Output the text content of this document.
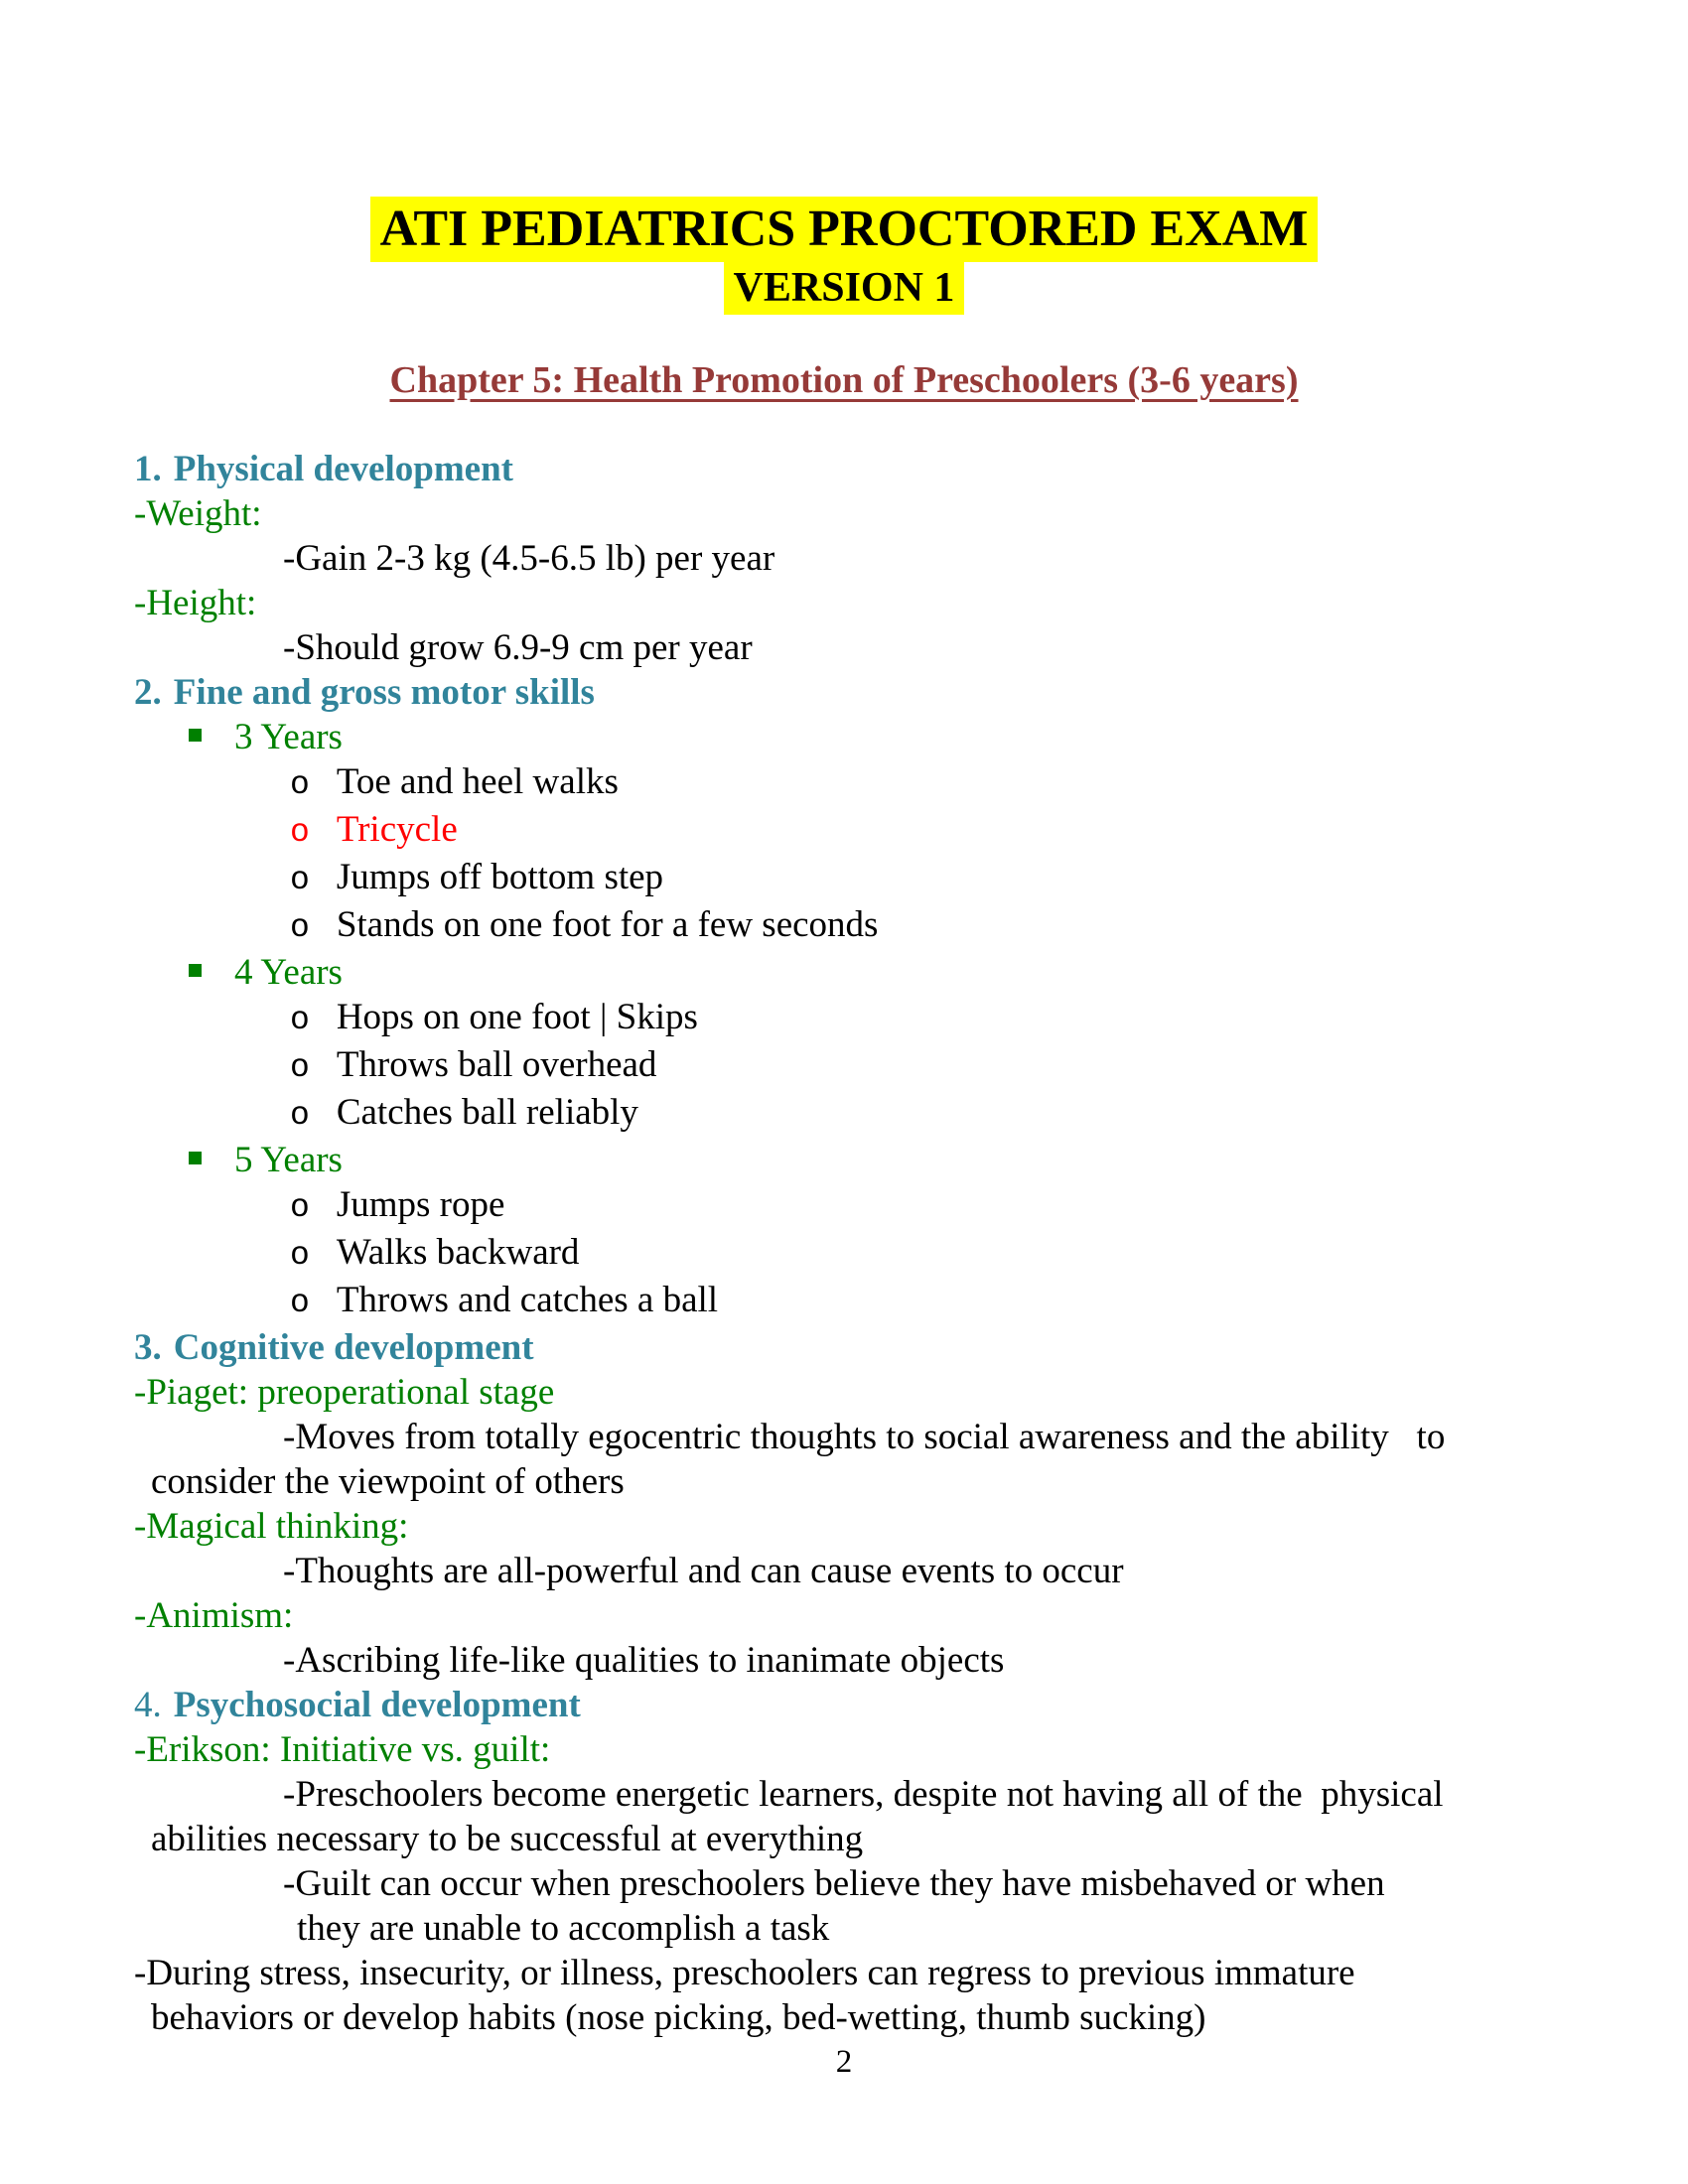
ATI PEDIATRICS PROCTORED EXAM
VERSION 1
Chapter 5: Health Promotion of Preschoolers (3-6 years)
1. Physical development
-Weight:
-Gain 2-3 kg (4.5-6.5 lb) per year
-Height:
-Should grow 6.9-9 cm per year
2. Fine and gross motor skills
3 Years
o Toe and heel walks
o Tricycle
o Jumps off bottom step
o Stands on one foot for a few seconds
4 Years
o Hops on one foot | Skips
o Throws ball overhead
o Catches ball reliably
5 Years
o Jumps rope
o Walks backward
o Throws and catches a ball
3. Cognitive development
-Piaget: preoperational stage
-Moves from totally egocentric thoughts to social awareness and the ability   to
consider the viewpoint of others
-Magical thinking:
-Thoughts are all-powerful and can cause events to occur
-Animism:
-Ascribing life-like qualities to inanimate objects
4. Psychosocial development
-Erikson: Initiative vs. guilt:
-Preschoolers become energetic learners, despite not having all of the  physical
abilities necessary to be successful at everything
-Guilt can occur when preschoolers believe they have misbehaved or when
they are unable to accomplish a task
-During stress, insecurity, or illness, preschoolers can regress to previous immature
behaviors or develop habits (nose picking, bed-wetting, thumb sucking)
2
